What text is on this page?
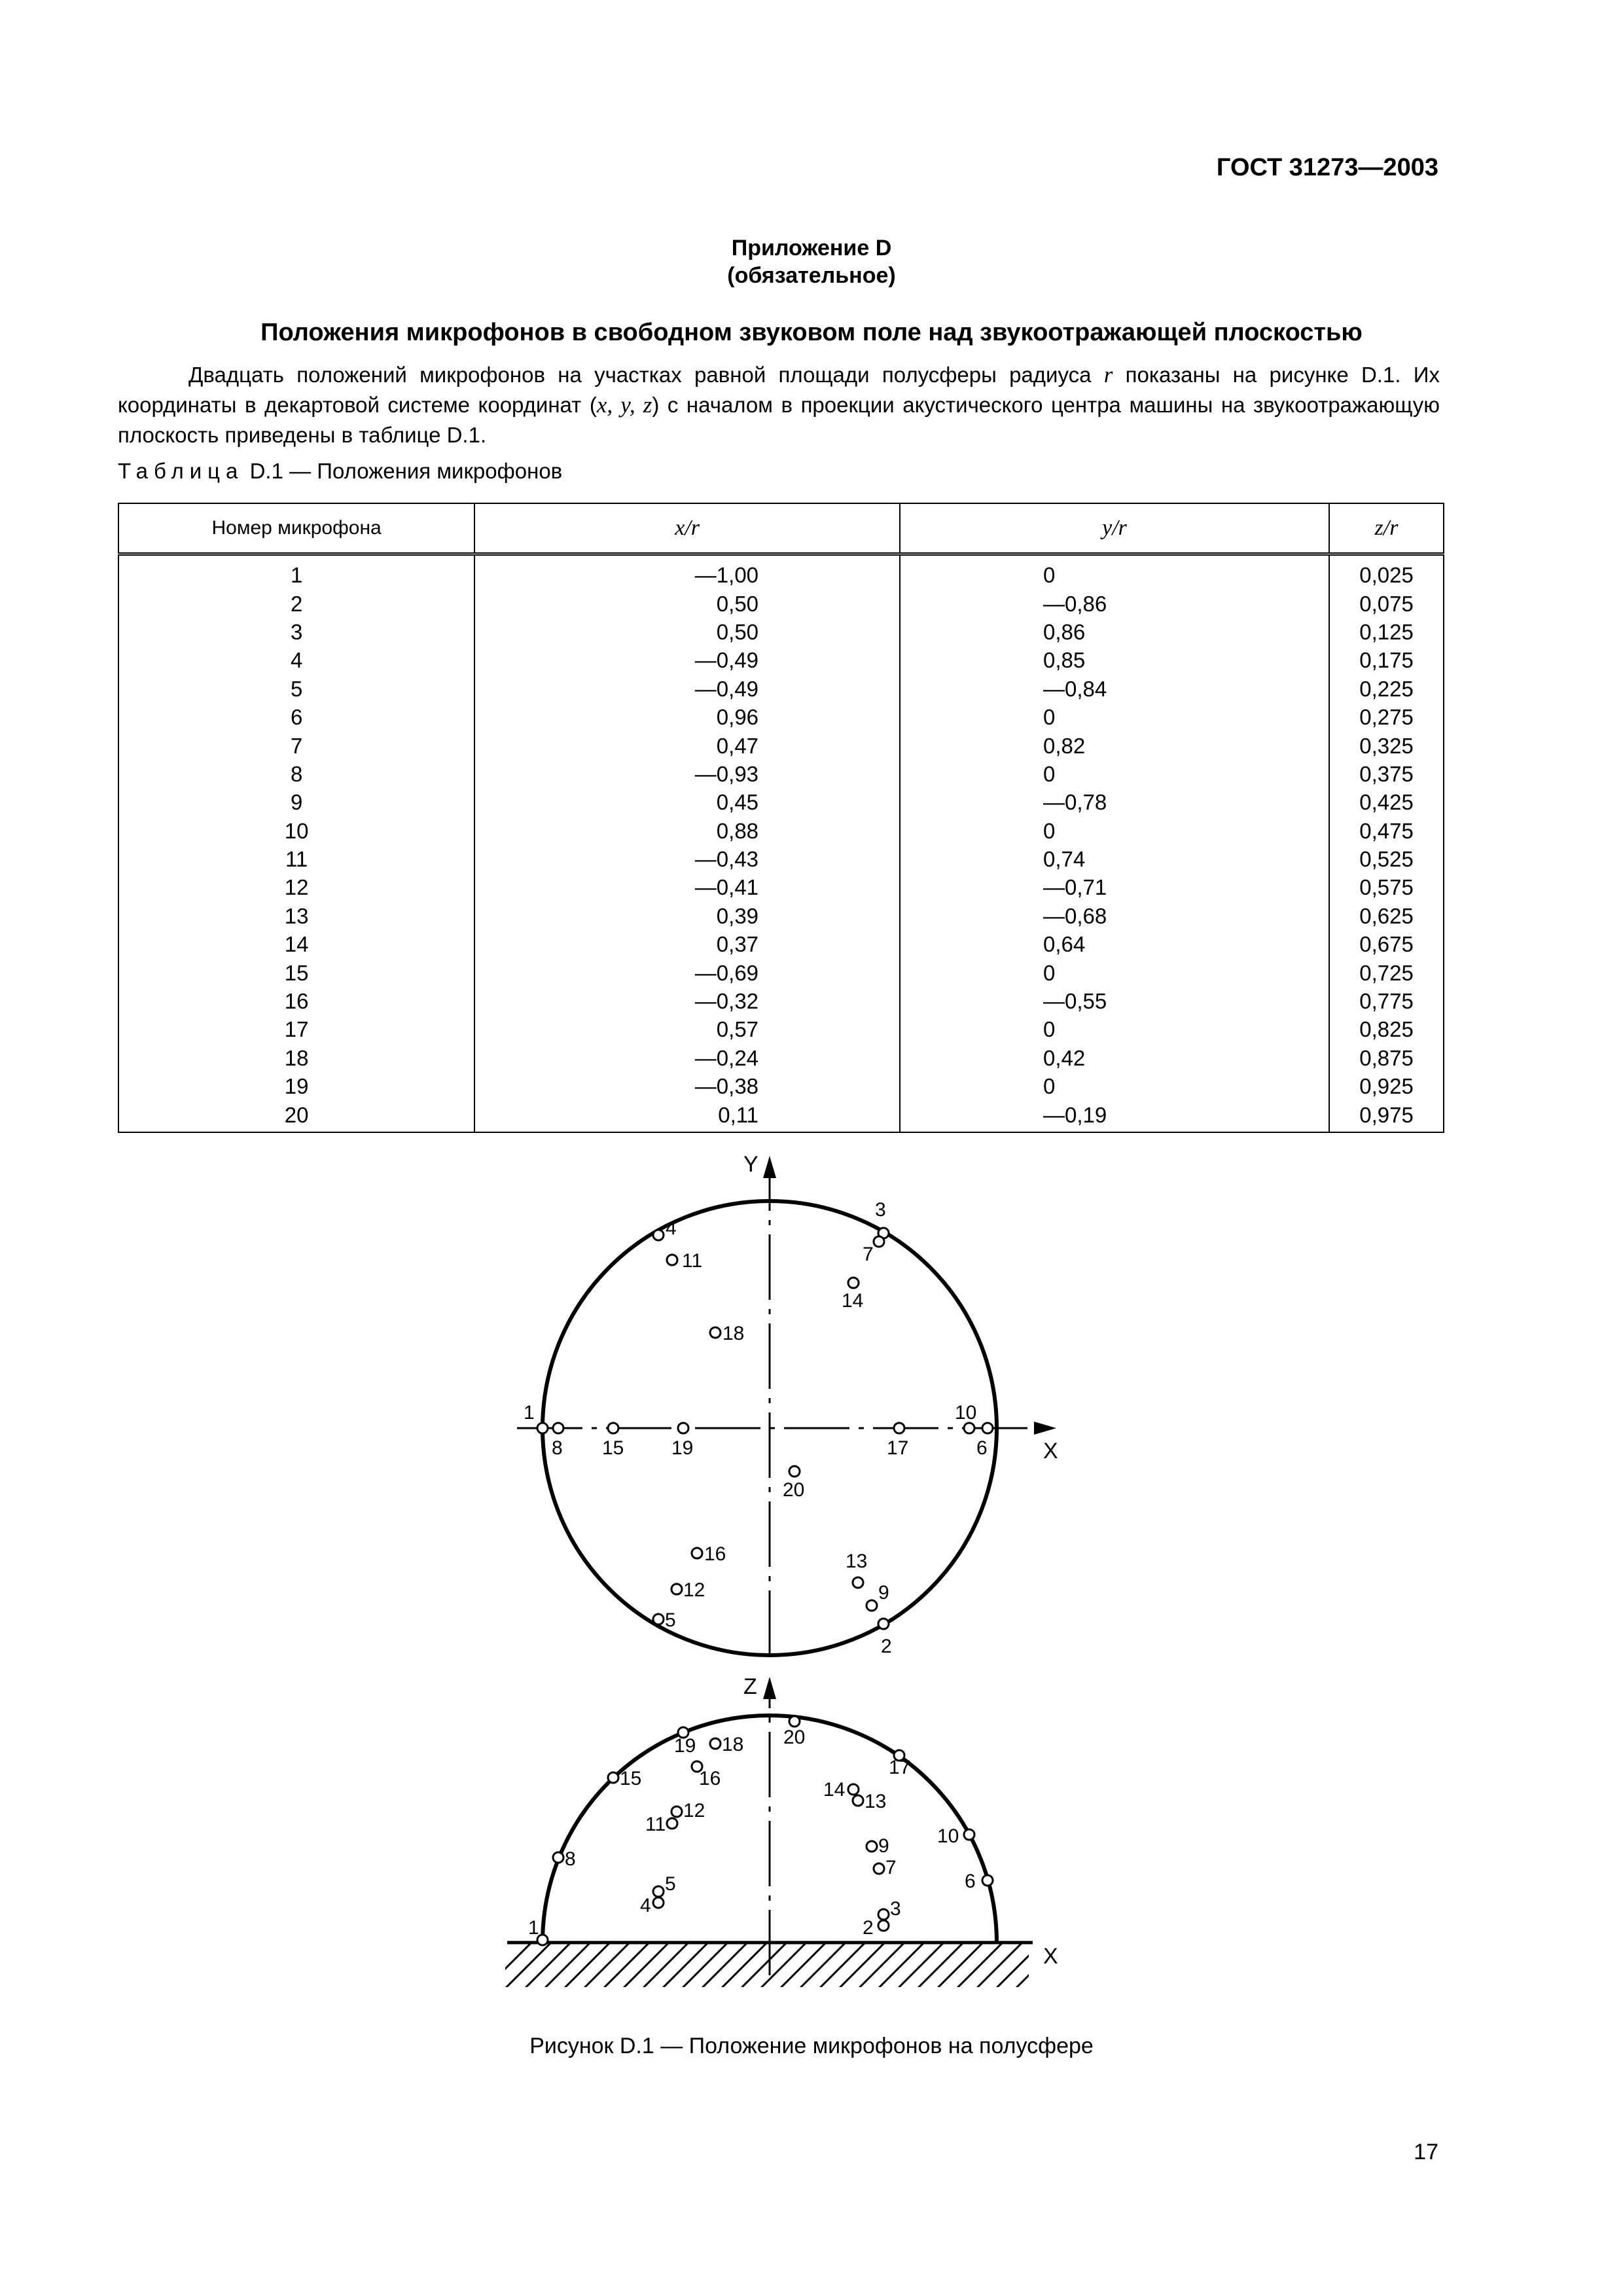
ГОСТ 31273—2003
Приложение D
(обязательное)
Положения микрофонов в свободном звуковом поле над звукоотражающей плоскостью
Двадцать положений микрофонов на участках равной площади полусферы радиуса r показаны на рисунке D.1. Их координаты в декартовой системе координат (x, y, z) с началом в проекции акустического центра машины на звукоотражающую плоскость приведены в таблице D.1.
Таблица D.1 — Положения микрофонов
Номер микрофона	x/r	y/r	z/r
1	—1,00	0	0,025
2	0,50	—0,86	0,075
3	0,50	0,86	0,125
4	—0,49	0,85	0,175
5	—0,49	—0,84	0,225
6	0,96	0	0,275
7	0,47	0,82	0,325
8	—0,93	0	0,375
9	0,45	—0,78	0,425
10	0,88	0	0,475
11	—0,43	0,74	0,525
12	—0,41	—0,71	0,575
13	0,39	—0,68	0,625
14	0,37	0,64	0,675
15	—0,69	0	0,725
16	—0,32	—0,55	0,775
17	0,57	0	0,825
18	—0,24	0,42	0,875
19	—0,38	0	0,925
20	0,11	—0,19	0,975
Y
X
1
2
3
4
5
6
7
8
9
10
11
12
13
14
15
16
17
18
19
20
Z
X
1	2
3
4
5	6
7
8
9 10
11
12	13
14
15	16
17
18
19	20
Рисунок D.1 — Положение микрофонов на полусфере
17
